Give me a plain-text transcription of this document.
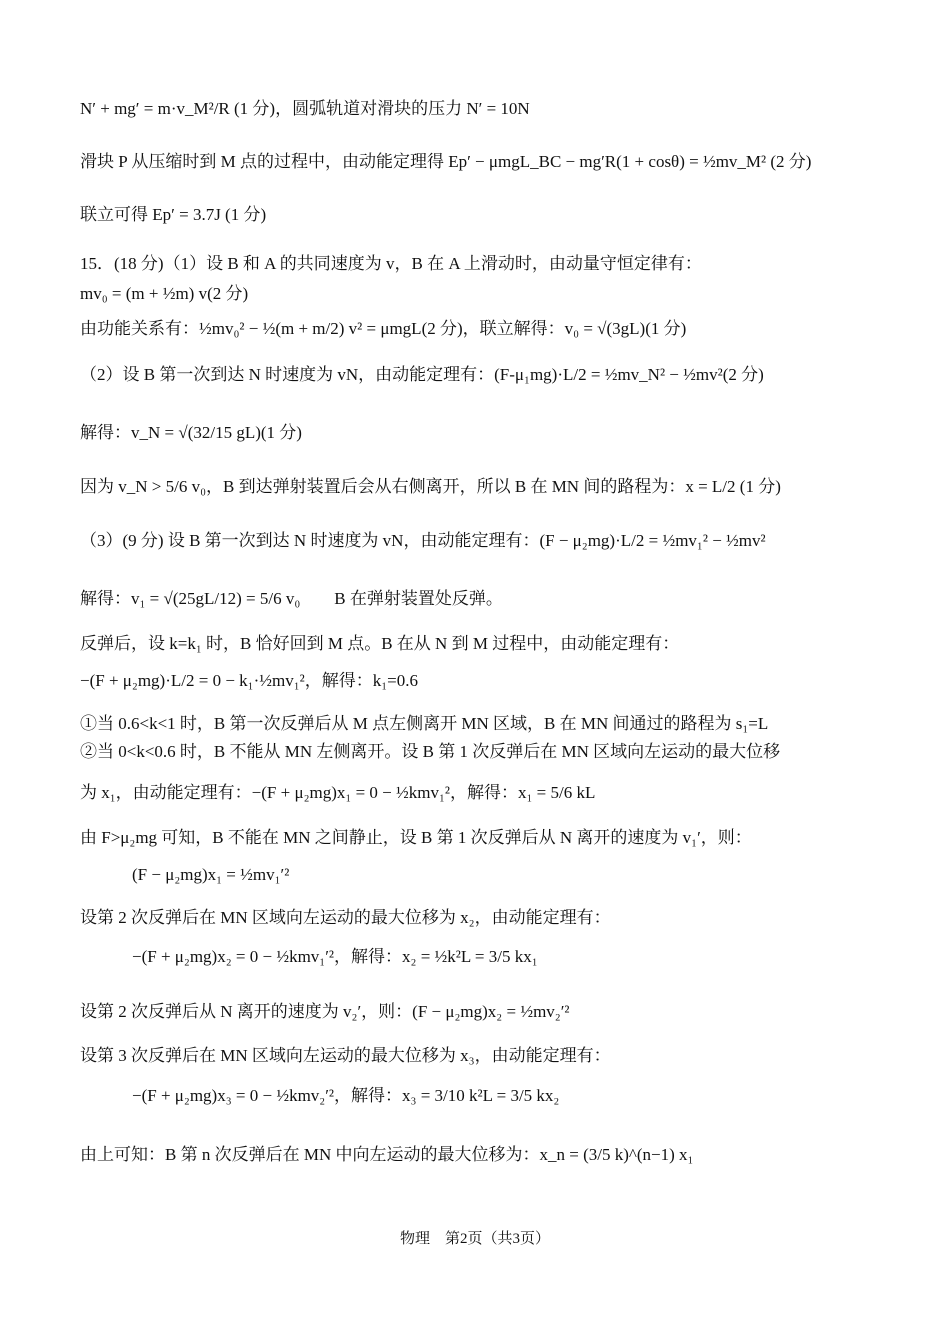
N′ + mg′ = m·v_M²/R (1 分)，圆弧轨道对滑块的压力 N′ = 10N
滑块 P 从压缩时到 M 点的过程中，由动能定理得 Ep′ − μmgL_BC − mg′R(1 + cosθ) = ½mv_M² (2 分)
联立可得 Ep′ = 3.7J (1 分)
15．(18 分)（1）设 B 和 A 的共同速度为 v，B 在 A 上滑动时，由动量守恒定律有：
mv₀ = (m + ½m) v(2 分)
由功能关系有：½mv₀² − ½(m + m/2) v² = μmgL(2 分)，联立解得：v₀ = √(3gL)(1 分)
（2）设 B 第一次到达 N 时速度为 vN，由动能定理有：(F-μ₁mg)·L/2 = ½mv_N² − ½mv²(2 分)
解得：v_N = √(32/15 gL)(1 分)
因为 v_N > 5/6 v₀，B 到达弹射装置后会从右侧离开，所以 B 在 MN 间的路程为：x = L/2 (1 分)
（3）(9 分) 设 B 第一次到达 N 时速度为 vN，由动能定理有：(F − μ₂mg)·L/2 = ½mv₁² − ½mv²
解得：v₁ = √(25gL/12) = 5/6 v₀　　B 在弹射装置处反弹。
反弹后，设 k=k₁ 时，B 恰好回到 M 点。B 在从 N 到 M 过程中，由动能定理有：
−(F + μ₂mg)·L/2 = 0 − k₁·½mv₁²，解得：k₁=0.6
①当 0.6<k<1 时，B 第一次反弹后从 M 点左侧离开 MN 区域，B 在 MN 间通过的路程为 s₁=L
②当 0<k<0.6 时，B 不能从 MN 左侧离开。设 B 第 1 次反弹后在 MN 区域向左运动的最大位移
为 x₁，由动能定理有：−(F + μ₂mg)x₁ = 0 − ½kmv₁²，解得：x₁ = 5/6 kL
由 F>μ₂mg 可知，B 不能在 MN 之间静止，设 B 第 1 次反弹后从 N 离开的速度为 v₁′，则：
(F − μ₂mg)x₁ = ½mv₁′²
设第 2 次反弹后在 MN 区域向左运动的最大位移为 x₂，由动能定理有：
−(F + μ₂mg)x₂ = 0 − ½kmv₁′²，解得：x₂ = ½k²L = 3/5 kx₁
设第 2 次反弹后从 N 离开的速度为 v₂′，则：(F − μ₂mg)x₂ = ½mv₂′²
设第 3 次反弹后在 MN 区域向左运动的最大位移为 x₃，由动能定理有：
−(F + μ₂mg)x₃ = 0 − ½kmv₂′²，解得：x₃ = 3/10 k²L = 3/5 kx₂
由上可知：B 第 n 次反弹后在 MN 中向左运动的最大位移为：x_n = (3/5 k)^(n−1) x₁
物理　第2页（共3页）
